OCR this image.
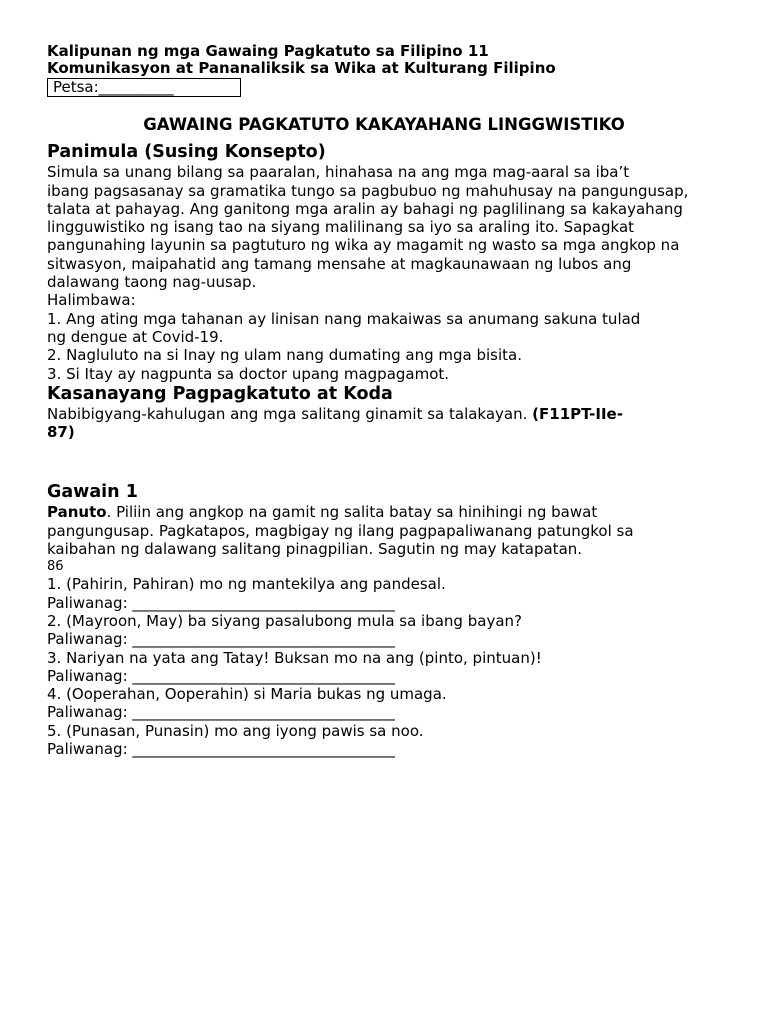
Kalipunan ng mga Gawaing Pagkatuto sa Filipino 11
Komunikasyon at Pananaliksik sa Wika at Kulturang Filipino
Petsa:__________
GAWAING PAGKATUTO KAKAYAHANG LINGGWISTIKO
Panimula (Susing Konsepto)

Simula sa unang bilang sa paaralan, hinahasa na ang mga mag-aaral sa iba’t

ibang pagsasanay sa gramatika tungo sa pagbubuo ng mahuhusay na pangungusap,

talata at pahayag. Ang ganitong mga aralin ay bahagi ng paglilinang sa kakayahang

lingguwistiko ng isang tao na siyang malilinang sa iyo sa araling ito. Sapagkat

pangunahing layunin sa pagtuturo ng wika ay magamit ng wasto sa mga angkop na

sitwasyon, maipahatid ang tamang mensahe at magkaunawaan ng lubos ang

dalawang taong nag-uusap.

Halimbawa:

1. Ang ating mga tahanan ay linisan nang makaiwas sa anumang sakuna tulad

ng dengue at Covid-19.

2. Nagluluto na si Inay ng ulam nang dumating ang mga bisita.

3. Si Itay ay nagpunta sa doctor upang magpagamot.

Kasanayang Pagpagkatuto at Koda

Nabibigyang-kahulugan ang mga salitang ginamit sa talakayan. (F11PT-IIe-

87)

Gawain 1

Panuto. Piliin ang angkop na gamit ng salita batay sa hinihingi ng bawat

pangungusap. Pagkatapos, magbigay ng ilang pagpapaliwanang patungkol sa

kaibahan ng dalawang salitang pinagpilian. Sagutin ng may katapatan.

86

1. (Pahirin, Pahiran) mo ng mantekilya ang pandesal.

Paliwanag: ___________________________________

2. (Mayroon, May) ba siyang pasalubong mula sa ibang bayan?

Paliwanag: ___________________________________

3. Nariyan na yata ang Tatay! Buksan mo na ang (pinto, pintuan)!

Paliwanag: ___________________________________

4. (Ooperahan, Ooperahin) si Maria bukas ng umaga.

Paliwanag: ___________________________________

5. (Punasan, Punasin) mo ang iyong pawis sa noo.

Paliwanag: ___________________________________
